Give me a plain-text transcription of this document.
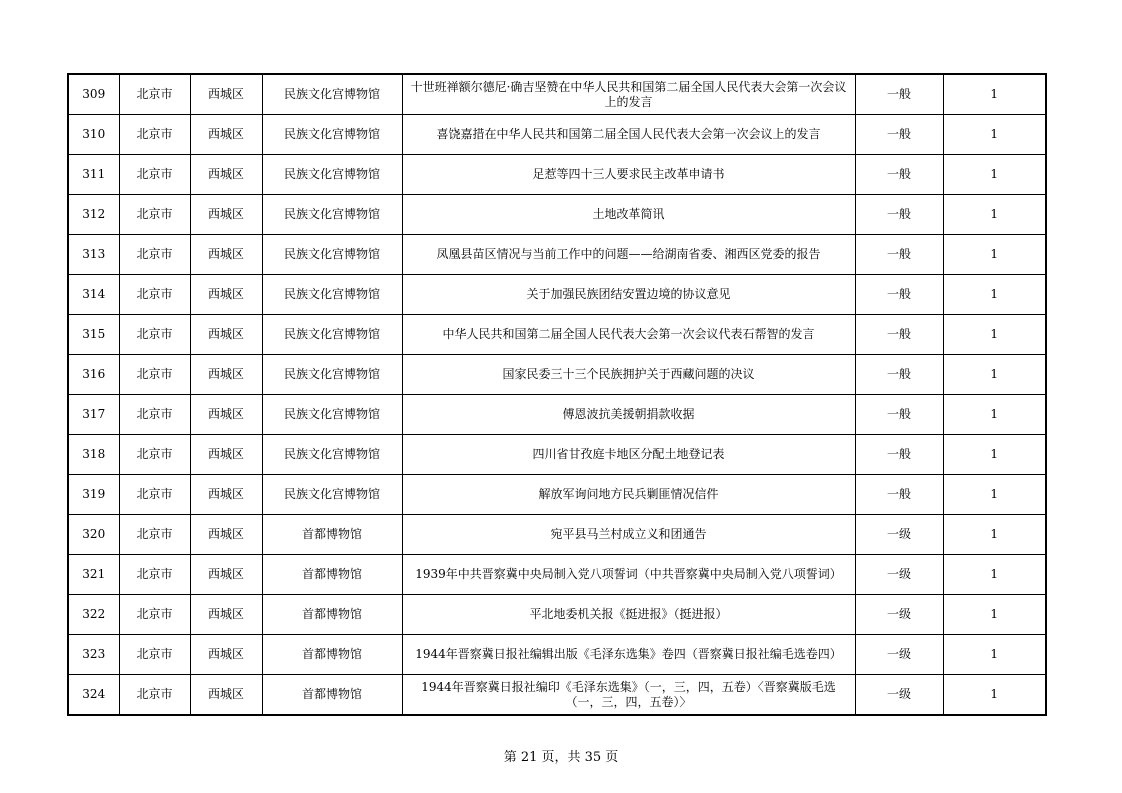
309	北京市	西城区	民族文化宫博物馆	十世班禅额尔德尼·确吉坚赞在中华人民共和国第二届全国人民代表大会第一次会议上的发言	一般	1
310	北京市	西城区	民族文化宫博物馆	喜饶嘉措在中华人民共和国第二届全国人民代表大会第一次会议上的发言	一般	1
311	北京市	西城区	民族文化宫博物馆	足惹等四十三人要求民主改革申请书	一般	1
312	北京市	西城区	民族文化宫博物馆	土地改革简讯	一般	1
313	北京市	西城区	民族文化宫博物馆	凤凰县苗区情况与当前工作中的问题——给湖南省委、湘西区党委的报告	一般	1
314	北京市	西城区	民族文化宫博物馆	关于加强民族团结安置边境的协议意见	一般	1
315	北京市	西城区	民族文化宫博物馆	中华人民共和国第二届全国人民代表大会第一次会议代表石帮智的发言	一般	1
316	北京市	西城区	民族文化宫博物馆	国家民委三十三个民族拥护关于西藏问题的决议	一般	1
317	北京市	西城区	民族文化宫博物馆	傅恩波抗美援朝捐款收据	一般	1
318	北京市	西城区	民族文化宫博物馆	四川省甘孜庭卡地区分配土地登记表	一般	1
319	北京市	西城区	民族文化宫博物馆	解放军询问地方民兵剿匪情况信件	一般	1
320	北京市	西城区	首都博物馆	宛平县马兰村成立义和团通告	一级	1
321	北京市	西城区	首都博物馆	1939年中共晋察冀中央局制入党八项誓词（中共晋察冀中央局制入党八项誓词）	一级	1
322	北京市	西城区	首都博物馆	平北地委机关报《挺进报》（挺进报）	一级	1
323	北京市	西城区	首都博物馆	1944年晋察冀日报社编辑出版《毛泽东选集》卷四（晋察冀日报社编毛选卷四）	一级	1
324	北京市	西城区	首都博物馆	1944年晋察冀日报社编印《毛泽东选集》（一，三，四，五卷）〈晋察冀版毛选（一，三，四，五卷）〉	一级	1
第 21 页，共 35 页
